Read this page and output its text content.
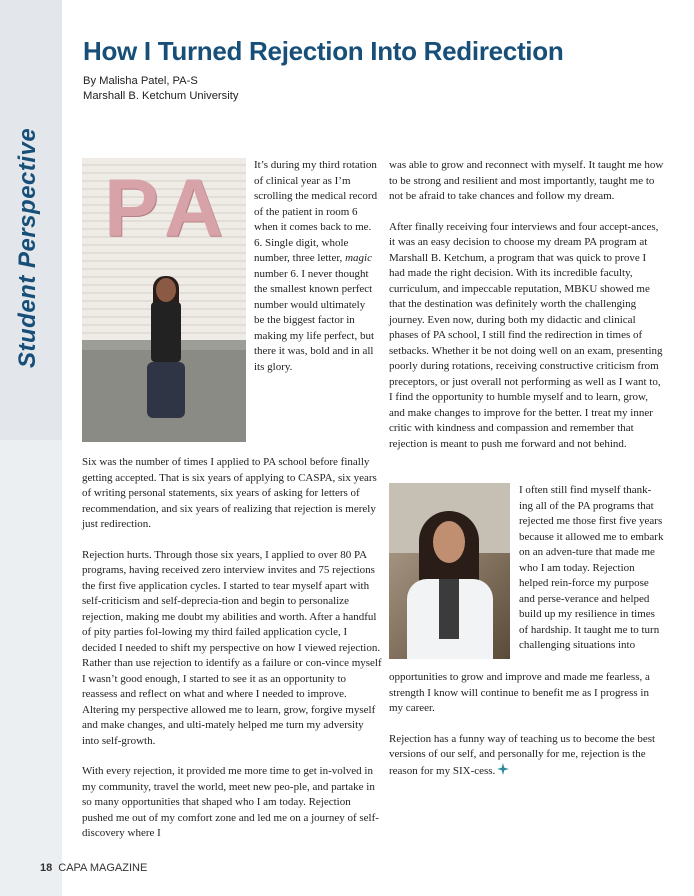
Student Perspective
How I Turned Rejection Into Redirection
By Malisha Patel, PA-S
Marshall B. Ketchum University
P A	It’s during my third rotation of clinical year as I’m scrolling the medical record of the patient in room 6 when it comes back to me. 6. Single digit, whole number, three letter, magic number 6. I never thought the smallest known perfect number would ultimately be the biggest factor in making my life perfect, but there it was, bold and in all its glory.

Six was the number of times I applied to PA school before finally getting accepted. That is six years of applying to CASPA, six years of writing personal statements, six years of asking for letters of recommendation, and six years of realizing that rejection is merely just redirection.

Rejection hurts. Through those six years, I applied to over 80 PA programs, having received zero interview invites and 75 rejections the first five application cycles. I started to tear myself apart with self-criticism and self-deprecia-tion and begin to personalize rejection, making me doubt my abilities and worth. After a handful of pity parties fol-lowing my third failed application cycle, I decided I needed to shift my perspective on how I viewed rejection. Rather than use rejection to identify as a failure or con-vince myself I wasn’t good enough, I started to see it as an opportunity to reassess and reflect on what and where I needed to improve. Altering my perspective allowed me to learn, grow, forgive myself and make changes, and ulti-mately helped me turn my adversity into self-growth.

With every rejection, it provided me more time to get in-volved in my community, travel the world, meet new peo-ple, and partake in so many opportunities that shaped who I am today. Rejection pushed me out of my comfort zone and led me on a journey of self-discovery where I

was able to grow and reconnect with myself. It taught me how to be strong and resilient and most importantly, taught me to not be afraid to take chances and follow my dream.

After finally receiving four interviews and four accept-ances, it was an easy decision to choose my dream PA program at Marshall B. Ketchum, a program that was quick to prove I had made the right decision. With its incredible faculty, curriculum, and impeccable reputation, MBKU showed me that the destination was definitely worth the challenging journey. Even now, during both my didactic and clinical phases of PA school, I still find the redirection in times of setbacks. Whether it be not doing well on an exam, presenting poorly during rotations, receiving constructive criticism from preceptors, or just overall not performing as well as I want to, I find the opportunity to humble myself and to learn, grow, and make changes to improve for the better. I treat my inner critic with kindness and compassion and remember that rejection is meant to push me forward and not behind.

I often still find myself thank-ing all of the PA programs that rejected me those first five years because it allowed me to embark on an adven-ture that made me who I am today. Rejection helped rein-force my purpose and perse-verance and helped build up my resilience in times of hardship. It taught me to turn challenging situations into

opportunities to grow and improve and made me fearless, a strength I know will continue to benefit me as I progress in my career.

Rejection has a funny way of teaching us to become the best versions of our self, and personally for me, rejection is the reason for my SIX-cess.

18 CAPA MAGAZINE
